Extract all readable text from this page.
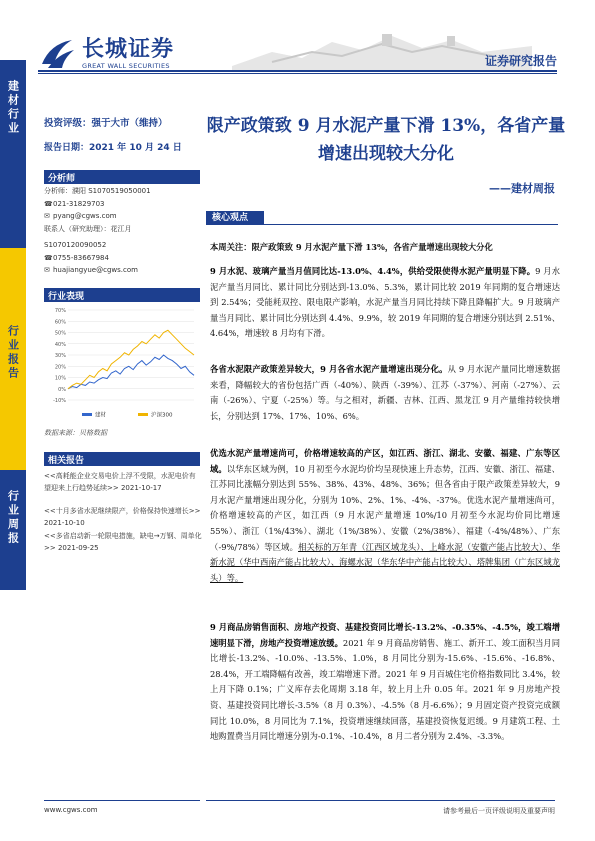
建材行业
行业报告
行业周报
长城证券
GREAT WALL SECURITIES	证券研究报告
投资评级：强于大市（维持）
报告日期：2021 年 10 月 24 日
分析师
分析师：濮阳 S1070519050001
☎ 021-31829703
✉ pyang@cgws.com
联系人（研究助理）：花江月
S1070120090052
☎ 0755-83667984
✉ huajiangyue@cgws.com
行业表现
70%
60%
50%
40%
30%
20%
10%
0%
-10%
建材	沪深300
数据来源：贝格数据
相关报告
<<高耗能企业交易电价上浮不受限，水泥电价有望迎来上行趋势延续>> 2021-10-17
<<十月多省水泥继续限产，价格保持快速增长>> 2021-10-10
<<多省启动新一轮限电措施，缺电→万钢、周单化>> 2021-09-25
限产政策致 9 月水泥产量下滑 13%，各省产量增速出现较大分化
——建材周报
核心观点
本周关注：限产政策致 9 月水泥产量下滑 13%，各省产量增速出现较大分化
9 月水泥、玻璃产量当月值同比达-13.0%、4.4%，供给受限使得水泥产量明显下降。9 月水泥产量当月同比、累计同比分别达到-13.0%、5.3%，累计同比较 2019 年同期的复合增速达到 2.54%；受能耗双控、限电限产影响，水泥产量当月同比持续下降且降幅扩大。9 月玻璃产量当月同比、累计同比分别达到 4.4%、9.9%，较 2019 年同期的复合增速分别达到 2.51%、4.64%，增速较 8 月均有下滑。
各省水泥限产政策差异较大，9 月各省水泥产量增速出现分化。从 9 月水泥产量同比增速数据来看，降幅较大的省份包括广西（-40%）、陕西（-39%）、江苏（-37%）、河南（-27%）、云南（-26%）、宁夏（-25%）等。与之相对，新疆、吉林、江西、黑龙江 9 月产量维持较快增长，分别达到 17%、17%、10%、6%。
优选水泥产量增速尚可，价格增速较高的产区，如江西、浙江、湖北、安徽、福建、广东等区域。以华东区域为例，10 月初至今水泥均价均呈现快速上升态势，江西、安徽、浙江、福建、江苏同比涨幅分别达到 55%、38%、43%、48%、36%；但各省由于限产政策差异较大，9 月水泥产量增速出现分化，分别为 10%、2%、1%、-4%、-37%。优选水泥产量增速尚可，价格增速较高的产区，如江西（9 月水泥产量增速 10%/10 月初至今水泥均价同比增速 55%）、浙江（1%/43%）、湖北（1%/38%）、安徽（2%/38%）、福建（-4%/48%）、广东（-9%/78%）等区域。相关标的万年青（江西区域龙头）、上峰水泥（安徽产能占比较大）、华新水泥（华中西南产能占比较大）、海螺水泥（华东华中产能占比较大）、塔牌集团（广东区域龙头）等。
9 月商品房销售面积、房地产投资、基建投资同比增长-13.2%、-0.35%、-4.5%，竣工端增速明显下滑，房地产投资增速放缓。2021 年 9 月商品房销售、施工、新开工、竣工面积当月同比增长-13.2%、-10.0%、-13.5%、1.0%，8 月同比分别为-15.6%、-15.6%、-16.8%、28.4%，开工端降幅有改善，竣工端增速下滑。2021 年 9 月百城住宅价格指数同比 3.4%，较上月下降 0.1%；广义库存去化周期 3.18 年，较上月上升 0.05 年。2021 年 9 月房地产投资、基建投资同比增长-3.5%（8 月 0.3%）、-4.5%（8 月-6.6%）；9 月固定资产投资完成额同比 10.0%，8 月同比为 7.1%，投资增速继续回落，基建投资恢复迟缓。9 月建筑工程、土地购置费当月同比增速分别为-0.1%、-10.4%，8 月二者分别为 2.4%、-3.3%。
www.cgws.com	请参考最后一页评级说明及重要声明
